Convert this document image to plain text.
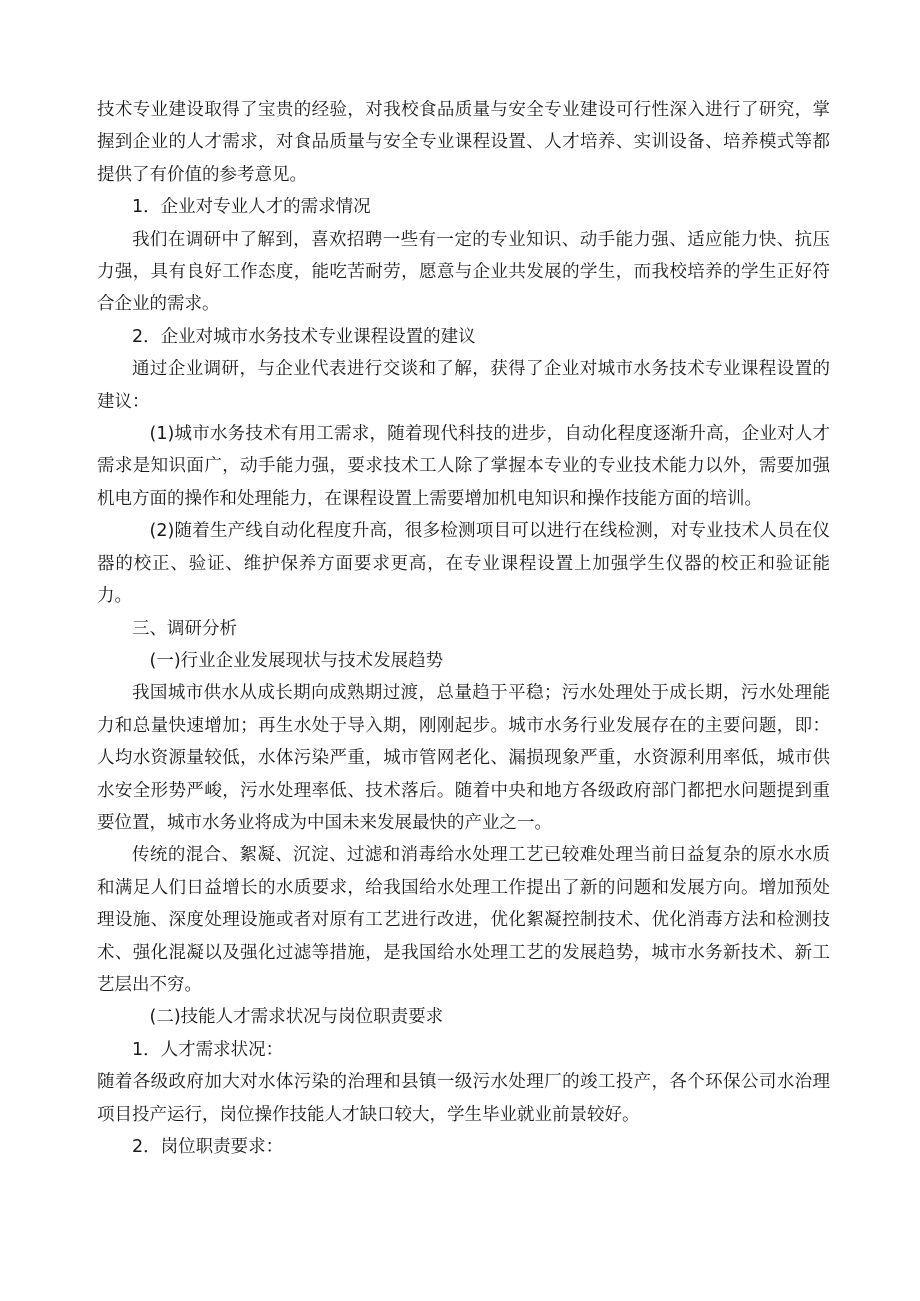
技术专业建设取得了宝贵的经验，对我校食品质量与安全专业建设可行性深入进行了研究，掌握到企业的人才需求，对食品质量与安全专业课程设置、人才培养、实训设备、培养模式等都提供了有价值的参考意见。

1．企业对专业人才的需求情况

我们在调研中了解到，喜欢招聘一些有一定的专业知识、动手能力强、适应能力快、抗压力强，具有良好工作态度，能吃苦耐劳，愿意与企业共发展的学生，而我校培养的学生正好符合企业的需求。

2．企业对城市水务技术专业课程设置的建议

通过企业调研，与企业代表进行交谈和了解，获得了企业对城市水务技术专业课程设置的建议：

(1)城市水务技术有用工需求，随着现代科技的进步，自动化程度逐渐升高，企业对人才需求是知识面广，动手能力强，要求技术工人除了掌握本专业的专业技术能力以外，需要加强机电方面的操作和处理能力，在课程设置上需要增加机电知识和操作技能方面的培训。

(2)随着生产线自动化程度升高，很多检测项目可以进行在线检测，对专业技术人员在仪器的校正、验证、维护保养方面要求更高，在专业课程设置上加强学生仪器的校正和验证能力。

三、调研分析

(一)行业企业发展现状与技术发展趋势

我国城市供水从成长期向成熟期过渡，总量趋于平稳；污水处理处于成长期，污水处理能力和总量快速增加；再生水处于导入期，刚刚起步。城市水务行业发展存在的主要问题，即：人均水资源量较低，水体污染严重，城市管网老化、漏损现象严重，水资源利用率低，城市供水安全形势严峻，污水处理率低、技术落后。随着中央和地方各级政府部门都把水问题提到重要位置，城市水务业将成为中国未来发展最快的产业之一。

传统的混合、絮凝、沉淀、过滤和消毒给水处理工艺已较难处理当前日益复杂的原水水质和满足人们日益增长的水质要求，给我国给水处理工作提出了新的问题和发展方向。增加预处理设施、深度处理设施或者对原有工艺进行改进，优化絮凝控制技术、优化消毒方法和检测技术、强化混凝以及强化过滤等措施，是我国给水处理工艺的发展趋势，城市水务新技术、新工艺层出不穷。

(二)技能人才需求状况与岗位职责要求

1．人才需求状况：

随着各级政府加大对水体污染的治理和县镇一级污水处理厂的竣工投产，各个环保公司水治理项目投产运行，岗位操作技能人才缺口较大，学生毕业就业前景较好。

2．岗位职责要求：
